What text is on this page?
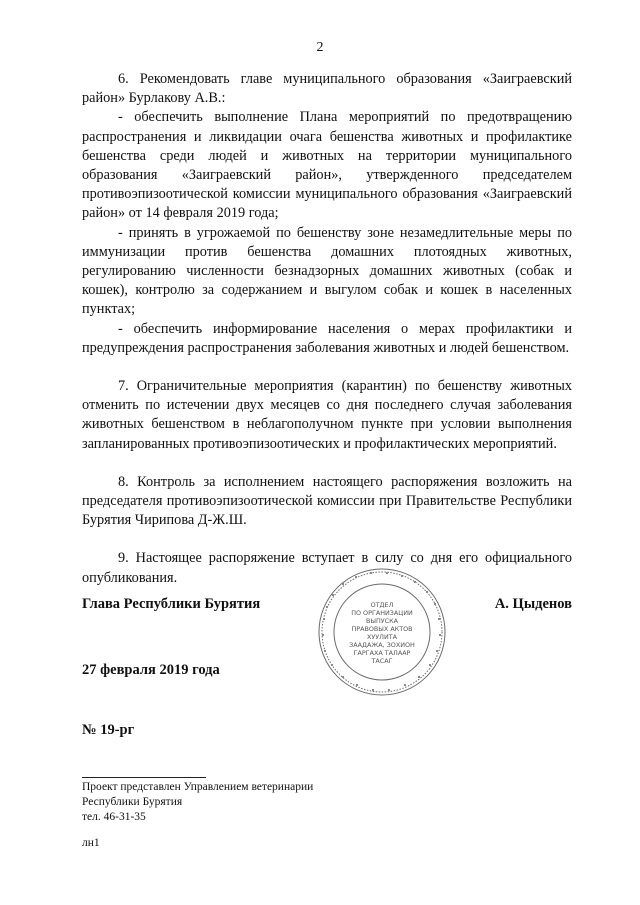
2

6. Рекомендовать главе муниципального образования «Заиграевский район» Бурлакову А.В.:

- обеспечить выполнение Плана мероприятий по предотвращению распространения и ликвидации очага бешенства животных и профилактике бешенства среди людей и животных на территории муниципального образования «Заиграевский район», утвержденного председателем противоэпизоотической комиссии муниципального образования «Заиграевский район» от 14 февраля 2019 года;

- принять в угрожаемой по бешенству зоне незамедлительные меры по иммунизации против бешенства домашних плотоядных животных, регулированию численности безнадзорных домашних животных (собак и кошек), контролю за содержанием и выгулом собак и кошек в населенных пунктах;

- обеспечить информирование населения о мерах профилактики и предупреждения распространения заболевания животных и людей бешенством.

7. Ограничительные мероприятия (карантин) по бешенству животных отменить по истечении двух месяцев со дня последнего случая заболевания животных бешенством в неблагополучном пункте при условии выполнения запланированных противоэпизоотических и профилактических мероприятий.

8. Контроль за исполнением настоящего распоряжения возложить на председателя противоэпизоотической комиссии при Правительстве Республики Бурятия Чирипова Д-Ж.Ш.

9. Настоящее распоряжение вступает в силу со дня его официального опубликования.

Глава Республики Бурятия	А. Цыденов
ОТДЕЛ
ПО ОРГАНИЗАЦИИ
ВЫПУСКА
ПРАВОВЫХ АКТОВ
ХУУЛИТА
ЗААДАЖА, ЗОХИОН
ГАРГАХА ТАЛААР
ТАСАГ
27 февраля 2019 года
№ 19-рг
Проект представлен Управлением ветеринарии
Республики Бурятия
тел. 46-31-35
лн1
